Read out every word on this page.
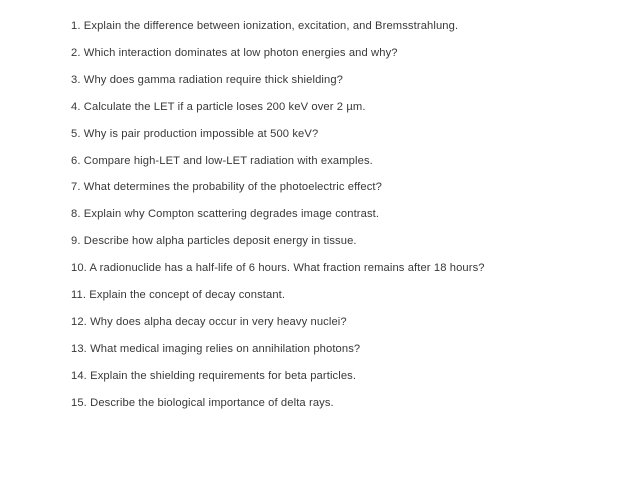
1. Explain the difference between ionization, excitation, and Bremsstrahlung.
2. Which interaction dominates at low photon energies and why?
3. Why does gamma radiation require thick shielding?
4. Calculate the LET if a particle loses 200 keV over 2 µm.
5. Why is pair production impossible at 500 keV?
6. Compare high-LET and low-LET radiation with examples.
7. What determines the probability of the photoelectric effect?
8. Explain why Compton scattering degrades image contrast.
9. Describe how alpha particles deposit energy in tissue.
10. A radionuclide has a half-life of 6 hours. What fraction remains after 18 hours?
11. Explain the concept of decay constant.
12. Why does alpha decay occur in very heavy nuclei?
13. What medical imaging relies on annihilation photons?
14. Explain the shielding requirements for beta particles.
15. Describe the biological importance of delta rays.
